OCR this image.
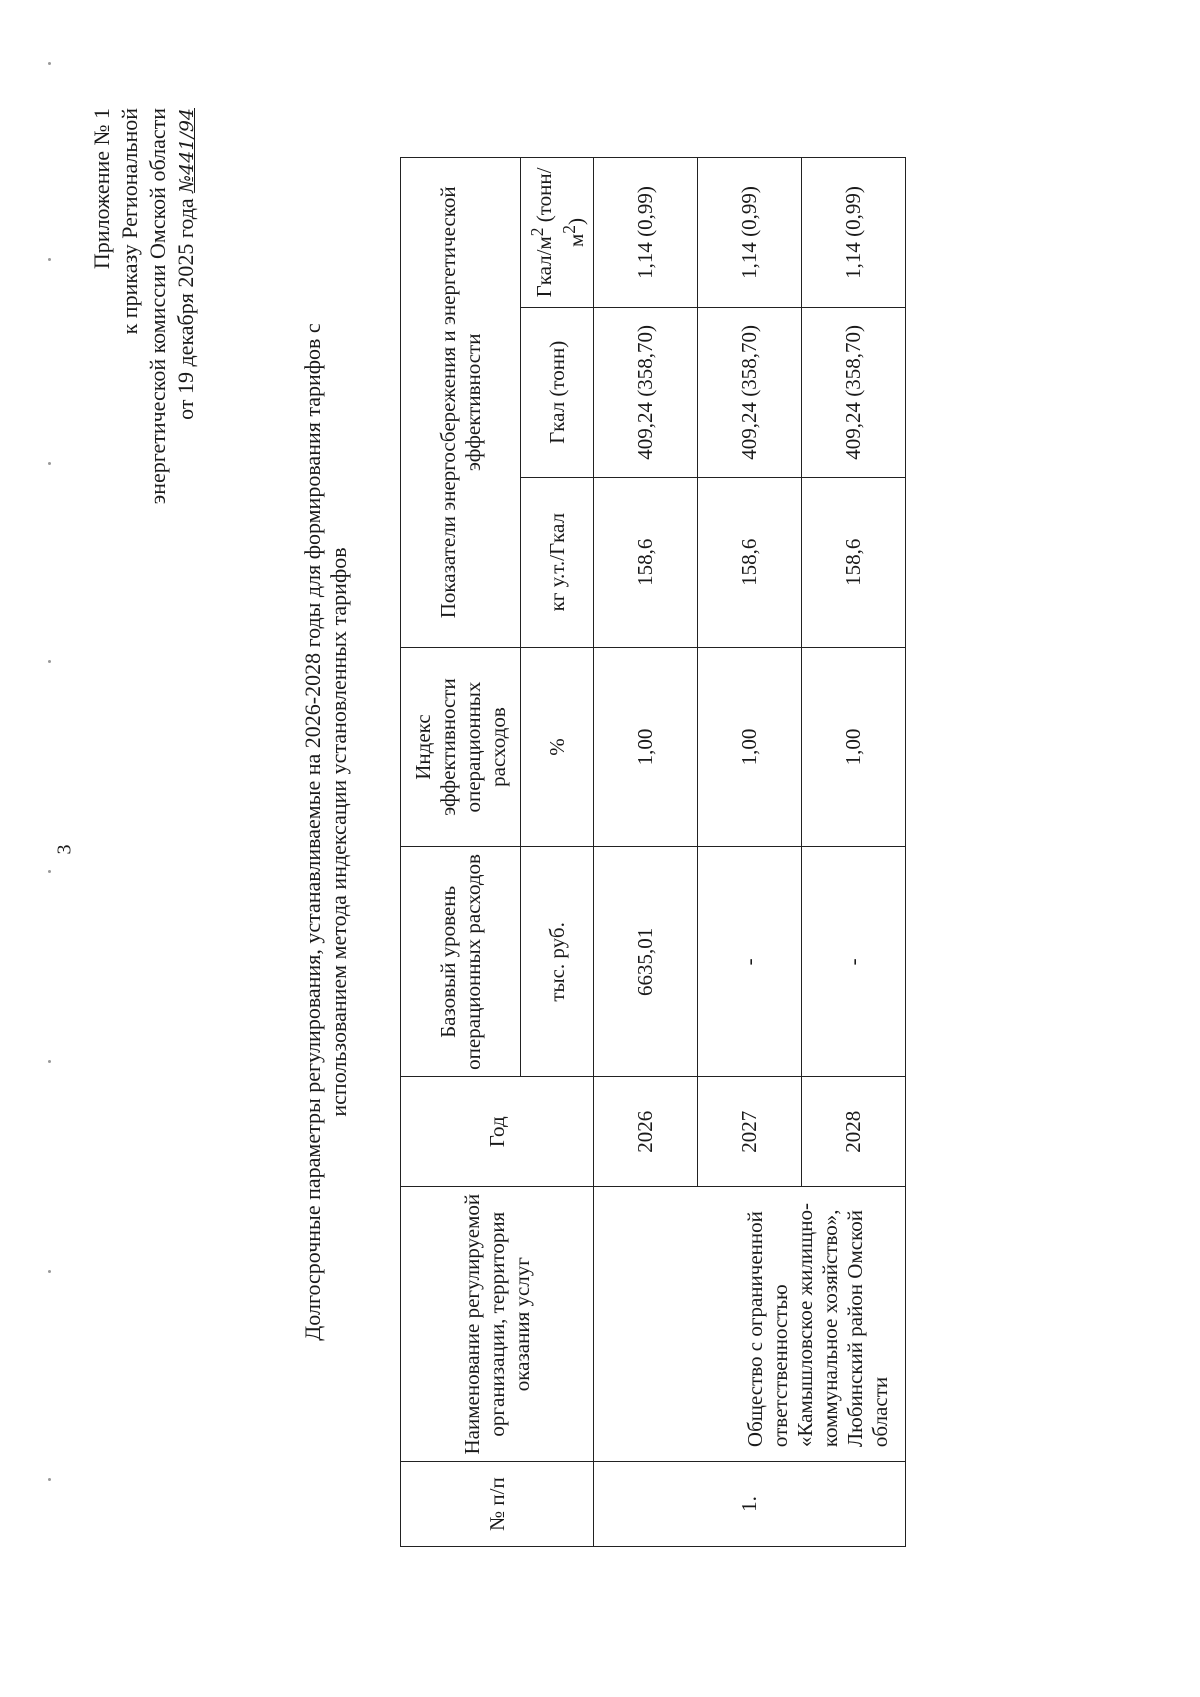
3
Приложение № 1 к приказу Региональной энергетической комиссии Омской области от 19 декабря 2025 года №441/94
Долгосрочные параметры регулирования, устанавливаемые на 2026-2028 годы для формирования тарифов с использованием метода индексации установленных тарифов
№ п/п	Наименование регулируемой организации, территория оказания услуг	Год	Базовый уровень операционных расходов	Индекс эффективности операционных расходов	Показатели энергосбережения и энергетической эффективности		
			тыс. руб.	%	кг у.т./Гкал	Гкал (тонн)	Гкал/$м^2$ $(тонн/м^2)$
1.	Общество с ограниченной ответственностью «Камышловское жилищно-коммунальное хозяйство», Любинский район Омской области	2026	6635,01	1,00	158,6	409,24 (358,70)	1,14 (0,99)
		2027	-	1,00	158,6	409,24 (358,70)	1,14 (0,99)
		2028	-	1,00	158,6	409,24 (358,70)	1,14 (0,99)
